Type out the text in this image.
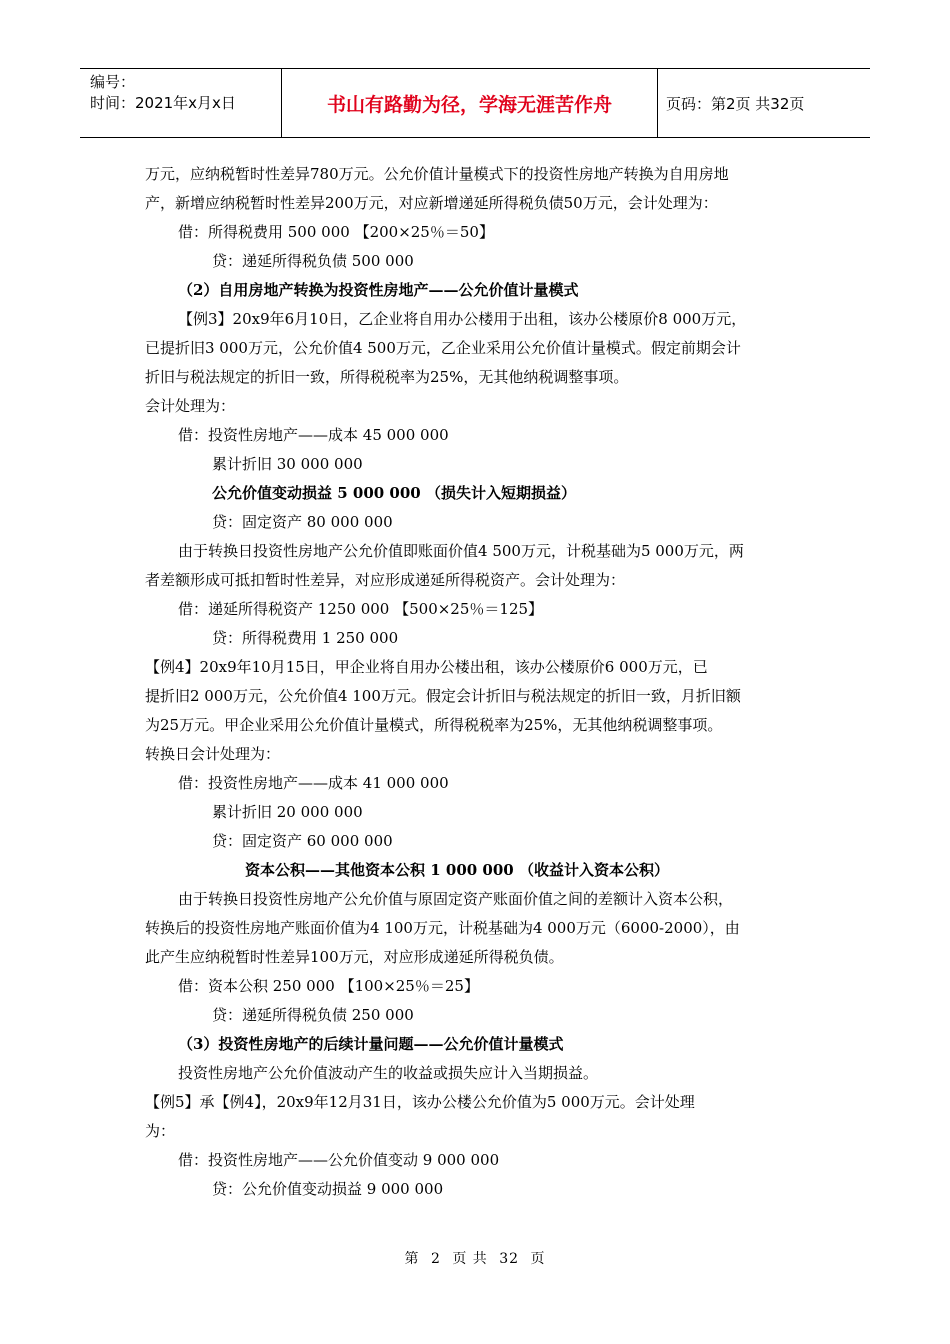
编号：
时间：2021年x月x日	书山有路勤为径，学海无涯苦作舟	页码：第2页 共32页
万元，应纳税暂时性差异780万元。公允价值计量模式下的投资性房地产转换为自用房地
产，新增应纳税暂时性差异200万元，对应新增递延所得税负债50万元，会计处理为：
借：所得税费用 500 000 【200×25％＝50】
贷：递延所得税负债 500 000
（2）自用房地产转换为投资性房地产——公允价值计量模式
【例3】20x9年6月10日，乙企业将自用办公楼用于出租，该办公楼原价8 000万元，
已提折旧3 000万元，公允价值4 500万元，乙企业采用公允价值计量模式。假定前期会计
折旧与税法规定的折旧一致，所得税税率为25%，无其他纳税调整事项。
会计处理为：
借：投资性房地产——成本 45 000 000
累计折旧 30 000 000
公允价值变动损益 5 000 000 （损失计入短期损益）
贷：固定资产 80 000 000
由于转换日投资性房地产公允价值即账面价值4 500万元，计税基础为5 000万元，两
者差额形成可抵扣暂时性差异，对应形成递延所得税资产。会计处理为：
借：递延所得税资产 1250 000 【500×25％＝125】
贷：所得税费用 1 250 000
【例4】20x9年10月15日，甲企业将自用办公楼出租，该办公楼原价6 000万元，已
提折旧2 000万元，公允价值4 100万元。假定会计折旧与税法规定的折旧一致，月折旧额
为25万元。甲企业采用公允价值计量模式，所得税税率为25%，无其他纳税调整事项。
转换日会计处理为：
借：投资性房地产——成本 41 000 000
累计折旧 20 000 000
贷：固定资产 60 000 000
资本公积——其他资本公积 1 000 000 （收益计入资本公积）
由于转换日投资性房地产公允价值与原固定资产账面价值之间的差额计入资本公积，
转换后的投资性房地产账面价值为4 100万元，计税基础为4 000万元（6000-2000），由
此产生应纳税暂时性差异100万元，对应形成递延所得税负债。
借：资本公积 250 000 【100×25％＝25】
贷：递延所得税负债 250 000
（3）投资性房地产的后续计量问题——公允价值计量模式
投资性房地产公允价值波动产生的收益或损失应计入当期损益。
【例5】承【例4】，20x9年12月31日，该办公楼公允价值为5 000万元。会计处理
为：
借：投资性房地产——公允价值变动 9 000 000
贷：公允价值变动损益 9 000 000
第 2 页 共 32 页
